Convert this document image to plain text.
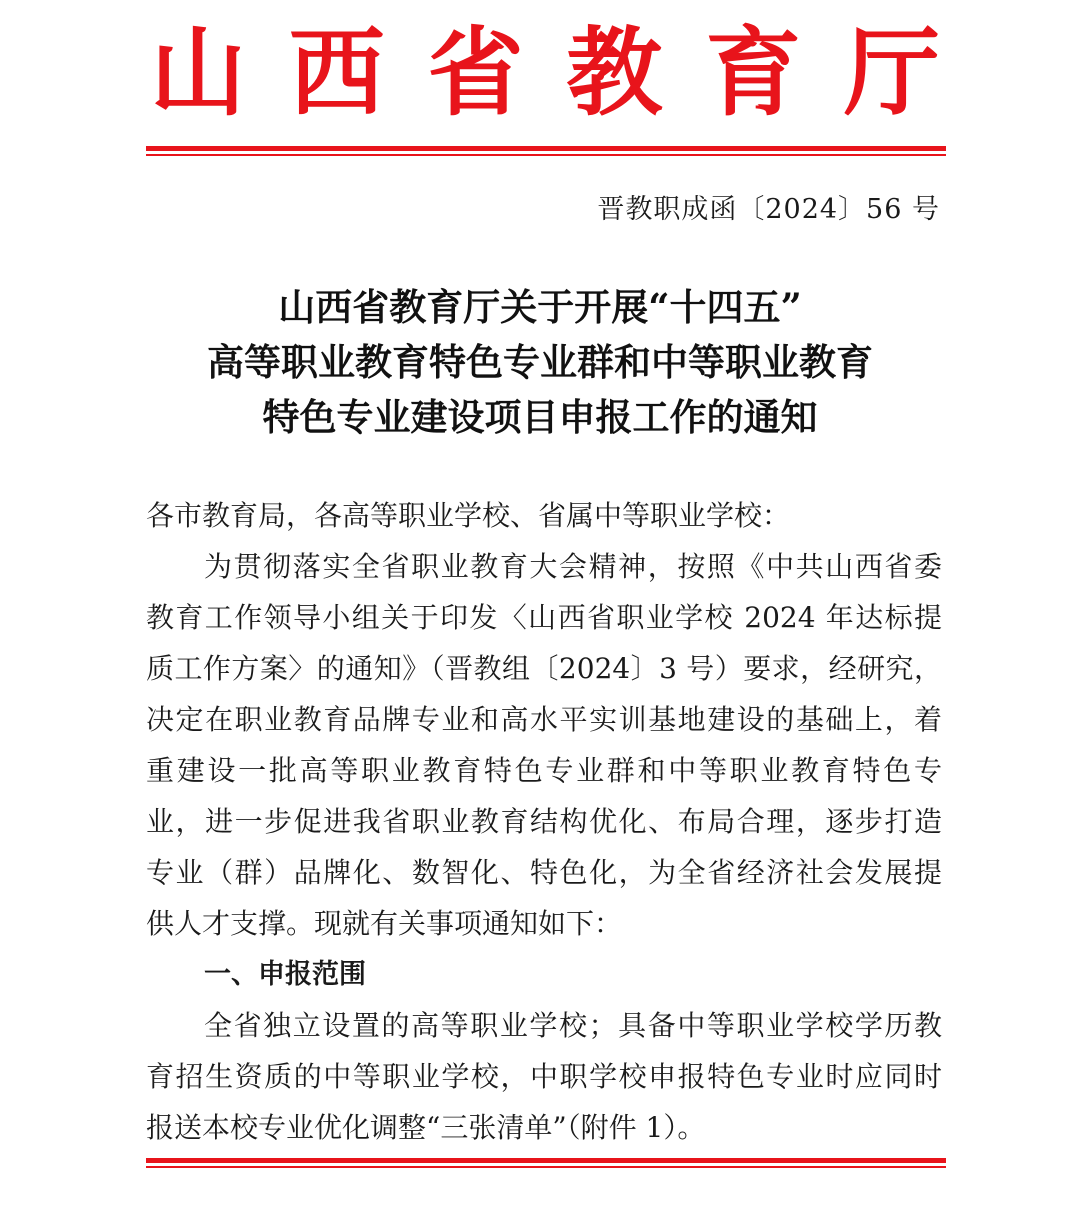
山 西 省 教 育 厅
晋教职成函〔2024〕56 号
山西省教育厅关于开展“十四五”
高等职业教育特色专业群和中等职业教育
特色专业建设项目申报工作的通知
各市教育局，各高等职业学校、省属中等职业学校：
为贯彻落实全省职业教育大会精神，按照《中共山西省委
教育工作领导小组关于印发〈山西省职业学校 2024 年达标提
质工作方案〉的通知》（晋教组〔2024〕3 号）要求，经研究，
决定在职业教育品牌专业和高水平实训基地建设的基础上，着
重建设一批高等职业教育特色专业群和中等职业教育特色专
业，进一步促进我省职业教育结构优化、布局合理，逐步打造
专业（群）品牌化、数智化、特色化，为全省经济社会发展提
供人才支撑。现就有关事项通知如下：
一、申报范围
全省独立设置的高等职业学校；具备中等职业学校学历教
育招生资质的中等职业学校，中职学校申报特色专业时应同时
报送本校专业优化调整“三张清单”（附件 1）。
